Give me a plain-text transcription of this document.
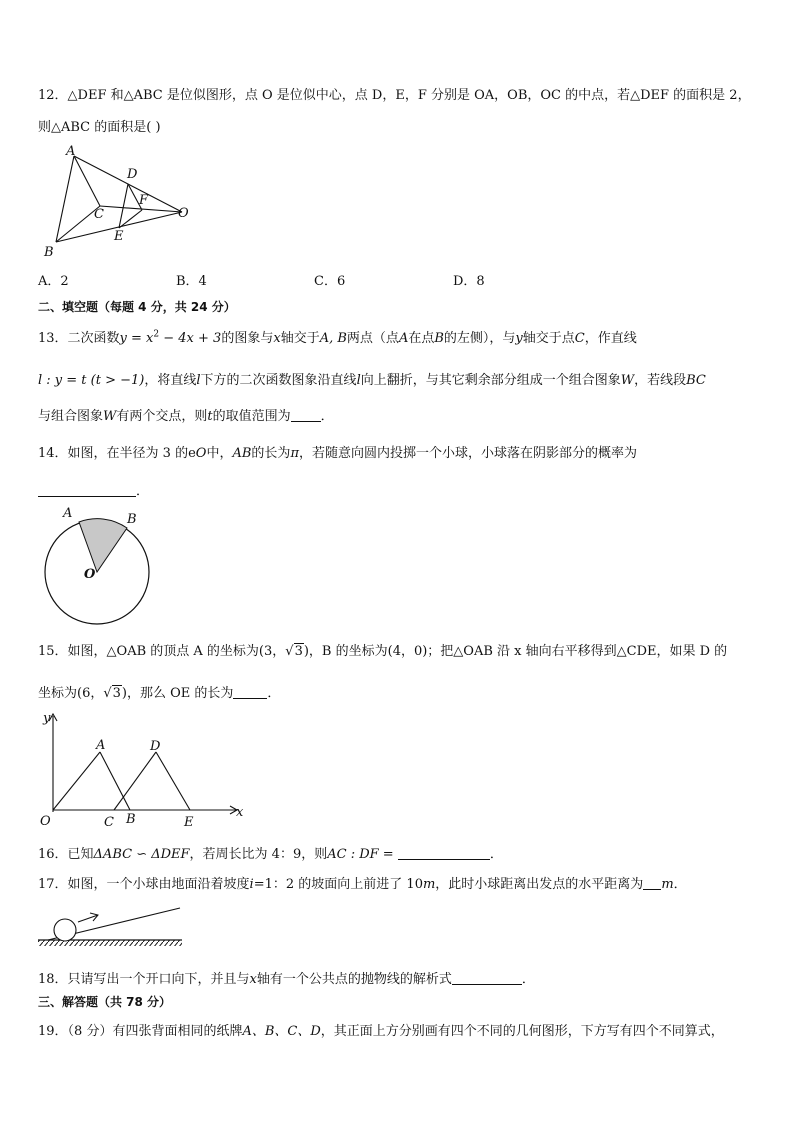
12．△DEF 和△ABC 是位似图形，点 O 是位似中心，点 D，E，F 分别是 OA，OB，OC 的中点，若△DEF 的面积是 2，
则△ABC 的面积是( )
A
B
C
D
E
F
O
A．2	B．4	C．6	D．8
二、填空题（每题 4 分，共 24 分）
13．二次函数$y = x^2 - 4x + 3$的图象与x轴交于A, B两点（点A在点B的左侧），与y轴交于点C，作直线
l : y = t (t > −1)，将直线l下方的二次函数图象沿直线l向上翻折，与其它剩余部分组成一个组合图象W，若线段BC
与组合图象W有两个交点，则t的取值范围为 ．
14．如图，在半径为 3 的eO中，AB的长为π，若随意向圆内投掷一个小球，小球落在阴影部分的概率为
．
A	B
O
15．如图，△OAB 的顶点 A 的坐标为(3，√3)，B 的坐标为(4，0)；把△OAB 沿 x 轴向右平移得到△CDE，如果 D 的
坐标为(6，√3)，那么 OE 的长为	．
y
x
A	D
O	C B	E
16．已知ΔABC ∽ ΔDEF，若周长比为 4：9，则AC : DF =	．
17．如图，一个小球由地面沿着坡度i=1：2 的坡面向上前进了 10m，此时小球距离出发点的水平距离为 m．
18．只请写出一个开口向下，并且与x轴有一个公共点的抛物线的解析式	．
三、解答题（共 78 分）
19．（8 分）有四张背面相同的纸牌A、B、C、D，其正面上方分别画有四个不同的几何图形，下方写有四个不同算式，
